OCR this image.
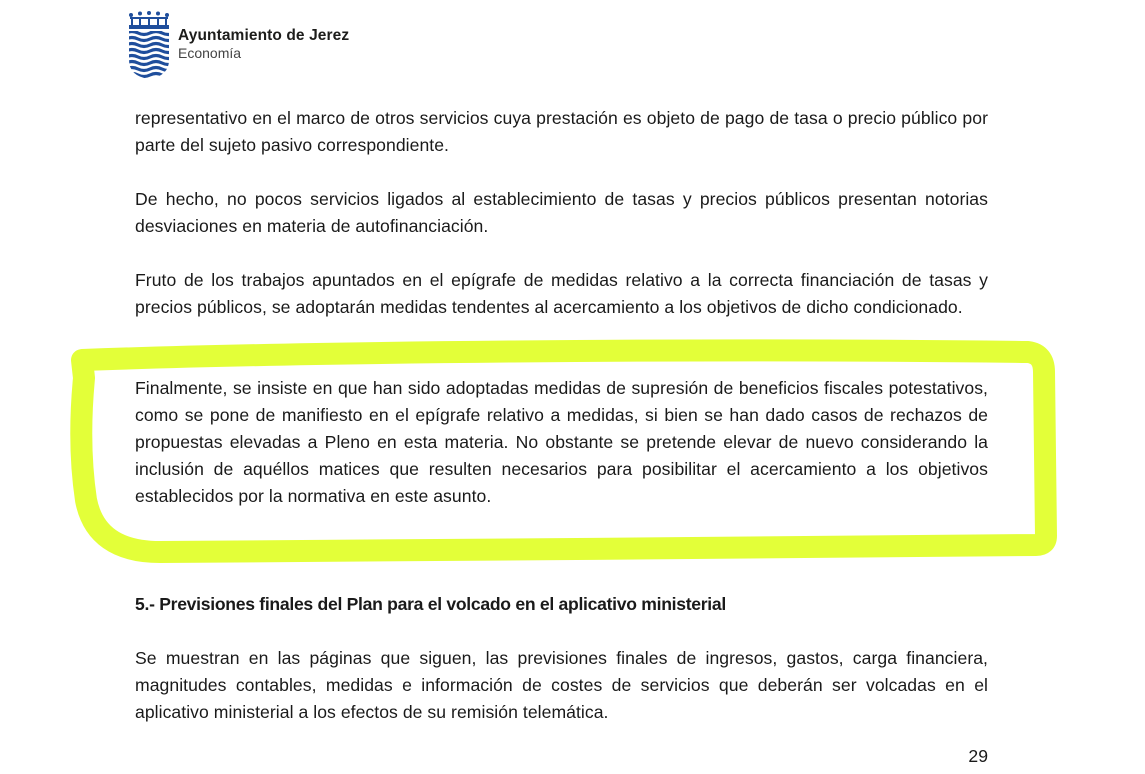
Ayuntamiento de Jerez
Economía

representativo en el marco de otros servicios cuya prestación es objeto de pago de tasa o precio público por parte del sujeto pasivo correspondiente.

De hecho, no pocos servicios ligados al establecimiento de tasas y precios públicos presentan notorias desviaciones en materia de autofinanciación.

Fruto de los trabajos apuntados en el epígrafe de medidas relativo a la correcta financiación de tasas y precios públicos, se adoptarán medidas tendentes al acercamiento a los objetivos de dicho condicionado.

Finalmente, se insiste en que han sido adoptadas medidas de supresión de beneficios fiscales potestativos, como se pone de manifiesto en el epígrafe relativo a medidas, si bien se han dado casos de rechazos de propuestas elevadas a Pleno en esta materia. No obstante se pretende elevar de nuevo considerando la inclusión de aquéllos matices que resulten necesarios para posibilitar el acercamiento a los objetivos establecidos por la normativa en este asunto.

5.- Previsiones finales del Plan para el volcado en el aplicativo ministerial

Se muestran en las páginas que siguen, las previsiones finales de ingresos, gastos, carga financiera, magnitudes contables, medidas e información de costes de servicios que deberán ser volcadas en el aplicativo ministerial a los efectos de su remisión telemática.

29
